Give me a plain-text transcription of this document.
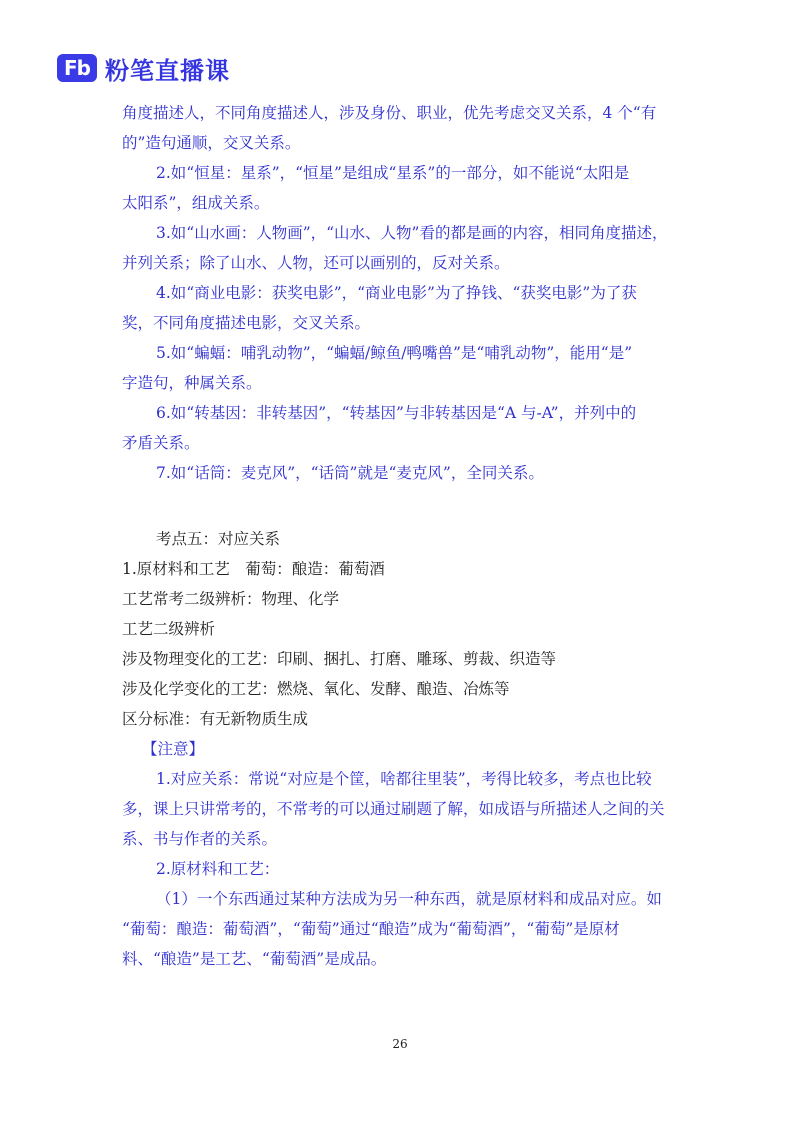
Fb 粉笔直播课
角度描述人，不同角度描述人，涉及身份、职业，优先考虑交叉关系，4 个“有
的”造句通顺，交叉关系。
2.如“恒星：星系”，“恒星”是组成“星系”的一部分，如不能说“太阳是
太阳系”，组成关系。
3.如“山水画：人物画”，“山水、人物”看的都是画的内容，相同角度描述，
并列关系；除了山水、人物，还可以画别的，反对关系。
4.如“商业电影：获奖电影”，“商业电影”为了挣钱、“获奖电影”为了获
奖，不同角度描述电影，交叉关系。
5.如“蝙蝠：哺乳动物”，“蝙蝠/鲸鱼/鸭嘴兽”是“哺乳动物”，能用“是”
字造句，种属关系。
6.如“转基因：非转基因”，“转基因”与非转基因是“A 与-A”，并列中的
矛盾关系。
7.如“话筒：麦克风”，“话筒”就是“麦克风”，全同关系。
考点五：对应关系
1.原材料和工艺　葡萄：酿造：葡萄酒
工艺常考二级辨析：物理、化学
工艺二级辨析
涉及物理变化的工艺：印刷、捆扎、打磨、雕琢、剪裁、织造等
涉及化学变化的工艺：燃烧、氧化、发酵、酿造、冶炼等
区分标准：有无新物质生成
【注意】
1.对应关系：常说“对应是个筐，啥都往里装”，考得比较多，考点也比较
多，课上只讲常考的，不常考的可以通过刷题了解，如成语与所描述人之间的关
系、书与作者的关系。
2.原材料和工艺：
（1）一个东西通过某种方法成为另一种东西，就是原材料和成品对应。如
“葡萄：酿造：葡萄酒”，“葡萄”通过“酿造”成为“葡萄酒”，“葡萄”是原材
料、“酿造”是工艺、“葡萄酒”是成品。
26
